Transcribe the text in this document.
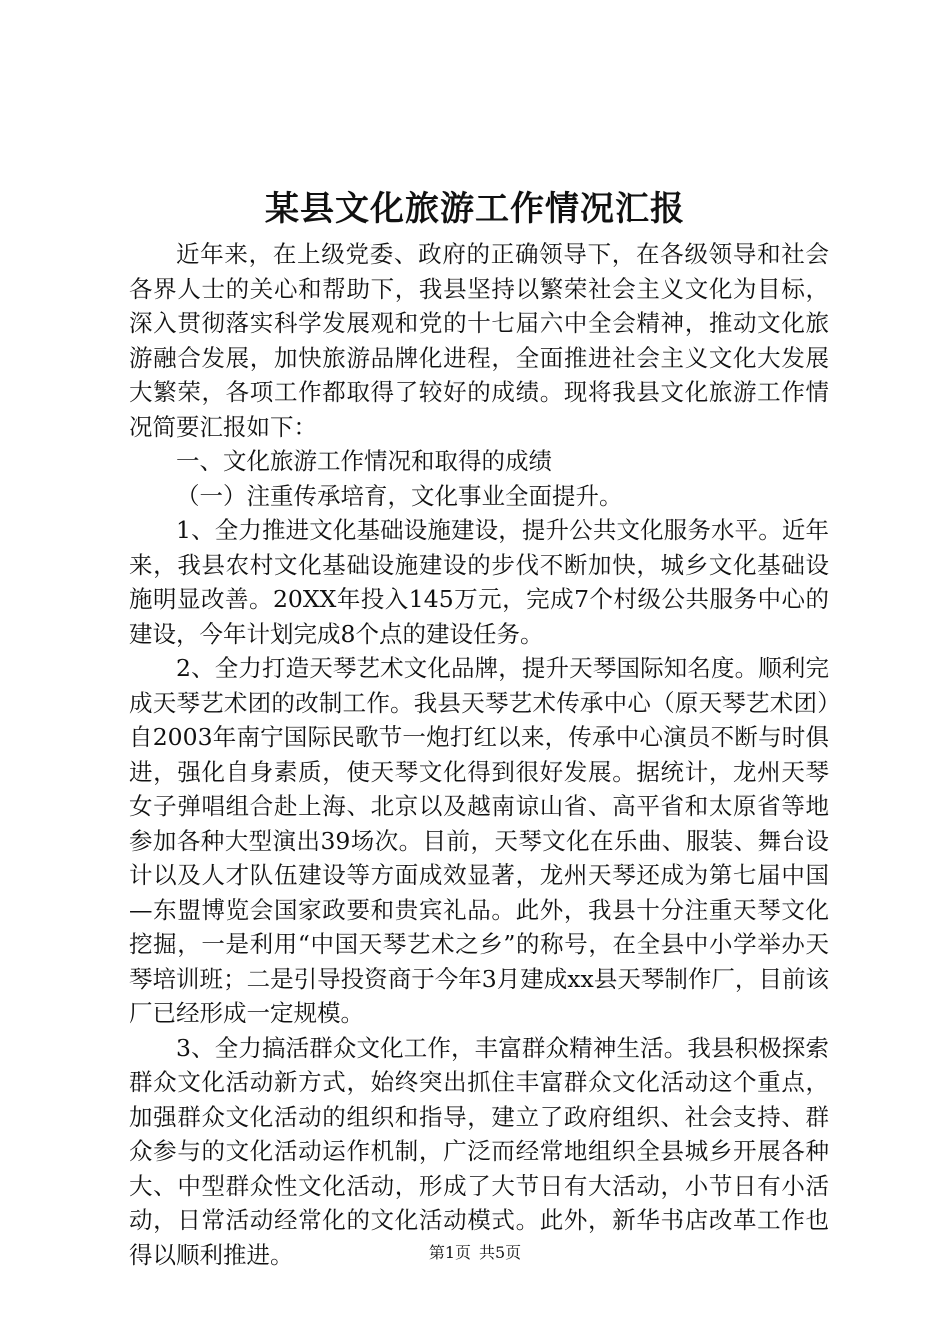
某县文化旅游工作情况汇报

近年来，在上级党委、政府的正确领导下，在各级领导和社会各界人士的关心和帮助下，我县坚持以繁荣社会主义文化为目标，深入贯彻落实科学发展观和党的十七届六中全会精神，推动文化旅游融合发展，加快旅游品牌化进程，全面推进社会主义文化大发展大繁荣，各项工作都取得了较好的成绩。现将我县文化旅游工作情况简要汇报如下：

一、文化旅游工作情况和取得的成绩

（一）注重传承培育，文化事业全面提升。

1、全力推进文化基础设施建设，提升公共文化服务水平。近年来，我县农村文化基础设施建设的步伐不断加快，城乡文化基础设施明显改善。20XX年投入145万元，完成7个村级公共服务中心的建设，今年计划完成8个点的建设任务。

2、全力打造天琴艺术文化品牌，提升天琴国际知名度。顺利完成天琴艺术团的改制工作。我县天琴艺术传承中心（原天琴艺术团）自2003年南宁国际民歌节一炮打红以来，传承中心演员不断与时俱进，强化自身素质，使天琴文化得到很好发展。据统计，龙州天琴女子弹唱组合赴上海、北京以及越南谅山省、高平省和太原省等地参加各种大型演出39场次。目前，天琴文化在乐曲、服装、舞台设计以及人才队伍建设等方面成效显著，龙州天琴还成为第七届中国—东盟博览会国家政要和贵宾礼品。此外，我县十分注重天琴文化挖掘，一是利用“中国天琴艺术之乡”的称号，在全县中小学举办天琴培训班；二是引导投资商于今年3月建成xx县天琴制作厂，目前该厂已经形成一定规模。

3、全力搞活群众文化工作，丰富群众精神生活。我县积极探索群众文化活动新方式，始终突出抓住丰富群众文化活动这个重点，加强群众文化活动的组织和指导，建立了政府组织、社会支持、群众参与的文化活动运作机制，广泛而经常地组织全县城乡开展各种大、中型群众性文化活动，形成了大节日有大活动，小节日有小活动，日常活动经常化的文化活动模式。此外，新华书店改革工作也得以顺利推进。	第1页 共5页
